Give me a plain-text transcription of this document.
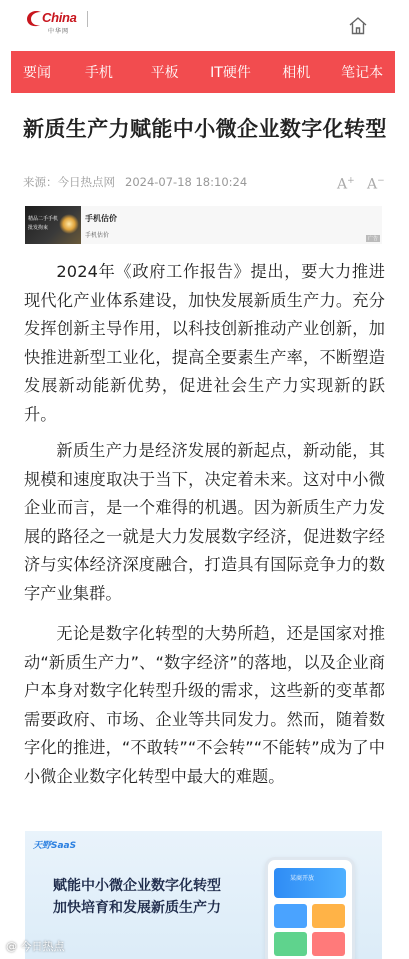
China
中华网
要闻	手机	平板	IT硬件	相机	笔记本
新质生产力赋能中小微企业数字化转型
来源：今日热点网 2024-07-18 18:10:24	A+ A−
精品二手手机
批发拘束
手机估价
手机估价	广告

2024年《政府工作报告》提出，要大力推进现代化产业体系建设，加快发展新质生产力。充分发挥创新主导作用，以科技创新推动产业创新，加快推进新型工业化，提高全要素生产率，不断塑造发展新动能新优势，促进社会生产力实现新的跃升。

新质生产力是经济发展的新起点，新动能，其规模和速度取决于当下，决定着未来。这对中小微企业而言，是一个难得的机遇。因为新质生产力发展的路径之一就是大力发展数字经济，促进数字经济与实体经济深度融合，打造具有国际竞争力的数字产业集群。

无论是数字化转型的大势所趋，还是国家对推动“新质生产力”、“数字经济”的落地，以及企业商户本身对数字化转型升级的需求，这些新的变革都需要政府、市场、企业等共同发力。然而，随着数字化的推进，“不敢转”“不会转”“不能转”成为了中小微企业数字化转型中最大的难题。

天野SaaS
赋能中小微企业数字化转型
加快培育和发展新质生产力
某商开放
@ 今日热点
